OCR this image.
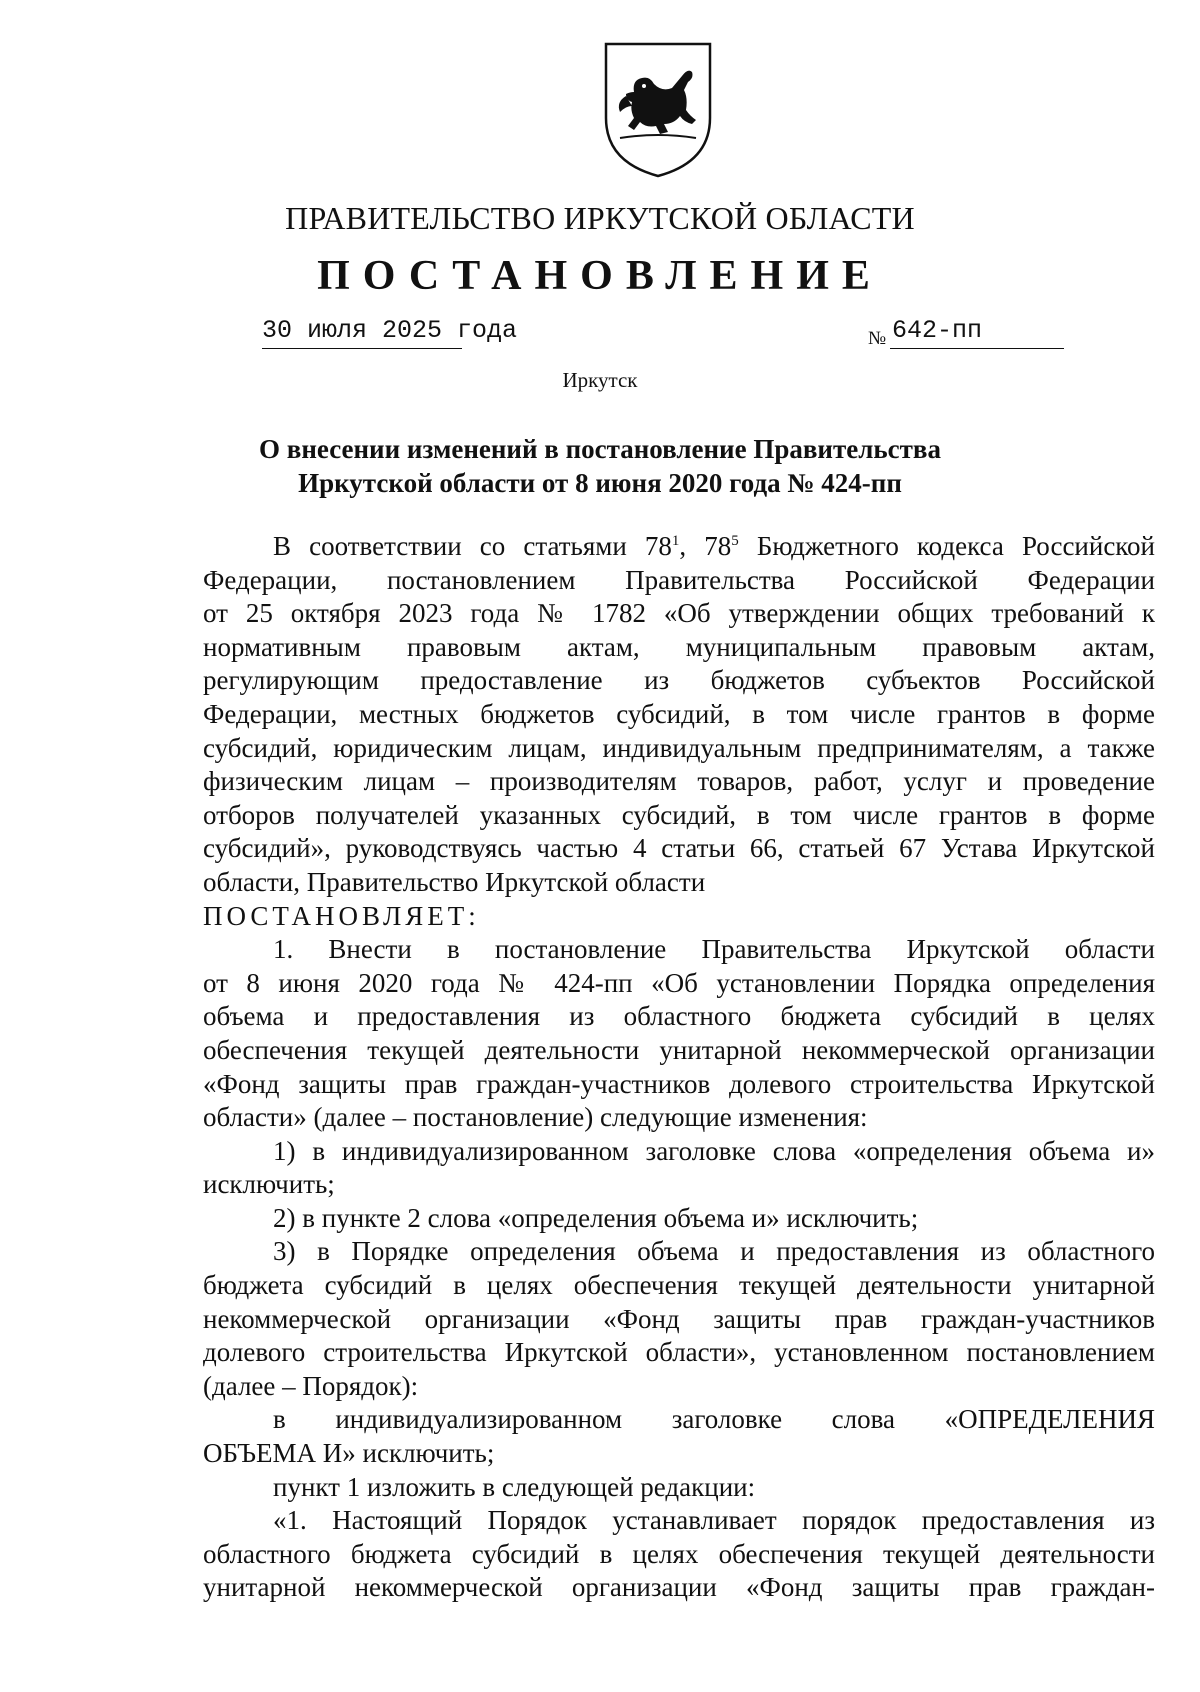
ПРАВИТЕЛЬСТВО ИРКУТСКОЙ ОБЛАСТИ
ПОСТАНОВЛЕНИЕ
30 июля 2025 года	№ 642-пп
Иркутск
О внесении изменений в постановление Правительства
Иркутской области от 8 июня 2020 года № 424-пп

В соответствии со статьями $78^1$, $78^5$ Бюджетного кодекса Российской

Федерации, постановлением Правительства Российской Федерации

от 25 октября 2023 года № 1782 «Об утверждении общих требований к

нормативным правовым актам, муниципальным правовым актам,

регулирующим предоставление из бюджетов субъектов Российской

Федерации, местных бюджетов субсидий, в том числе грантов в форме

субсидий, юридическим лицам, индивидуальным предпринимателям, а также

физическим лицам – производителям товаров, работ, услуг и проведение

отборов получателей указанных субсидий, в том числе грантов в форме

субсидий», руководствуясь частью 4 статьи 66, статьей 67 Устава Иркутской

области, Правительство Иркутской области

ПОСТАНОВЛЯЕТ:

1. Внести в постановление Правительства Иркутской области

от 8 июня 2020 года № 424-пп «Об установлении Порядка определения

объема и предоставления из областного бюджета субсидий в целях

обеспечения текущей деятельности унитарной некоммерческой организации

«Фонд защиты прав граждан-участников долевого строительства Иркутской

области» (далее – постановление) следующие изменения:

1) в индивидуализированном заголовке слова «определения объема и»

исключить;

2) в пункте 2 слова «определения объема и» исключить;

3) в Порядке определения объема и предоставления из областного

бюджета субсидий в целях обеспечения текущей деятельности унитарной

некоммерческой организации «Фонд защиты прав граждан-участников

долевого строительства Иркутской области», установленном постановлением

(далее – Порядок):

в индивидуализированном заголовке слова «ОПРЕДЕЛЕНИЯ

ОБЪЕМА И» исключить;

пункт 1 изложить в следующей редакции:

«1. Настоящий Порядок устанавливает порядок предоставления из

областного бюджета субсидий в целях обеспечения текущей деятельности

унитарной некоммерческой организации «Фонд защиты прав граждан-
